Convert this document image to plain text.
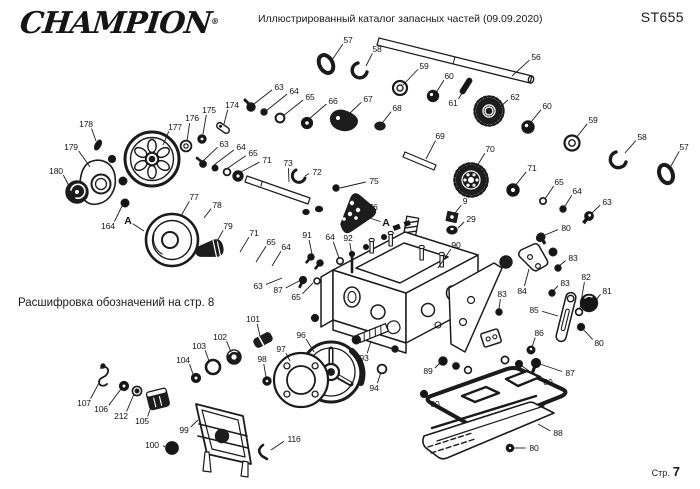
CHAMPION®	Иллюстрированный каталог запасных частей (09.09.2020)	ST655
Расшифровка обозначений на стр. 8
Стр. 7
57
58
59
60
61
56
62
60
59
58
57
63 64
65 66	67
68
174
175
176
177
178
179
180
164 A
63 64
65
71 73
72
75
76
A
77
78
79
71
65 64
91 64 92
90
9
29
69
70
71
65
64
63
80
83
84
83
82
81
83
85
86
80
87
80
89
80
88
80
93
94
96
97
98
101
102
103
104
107
106
212 105
99
100
116
63 87
65
